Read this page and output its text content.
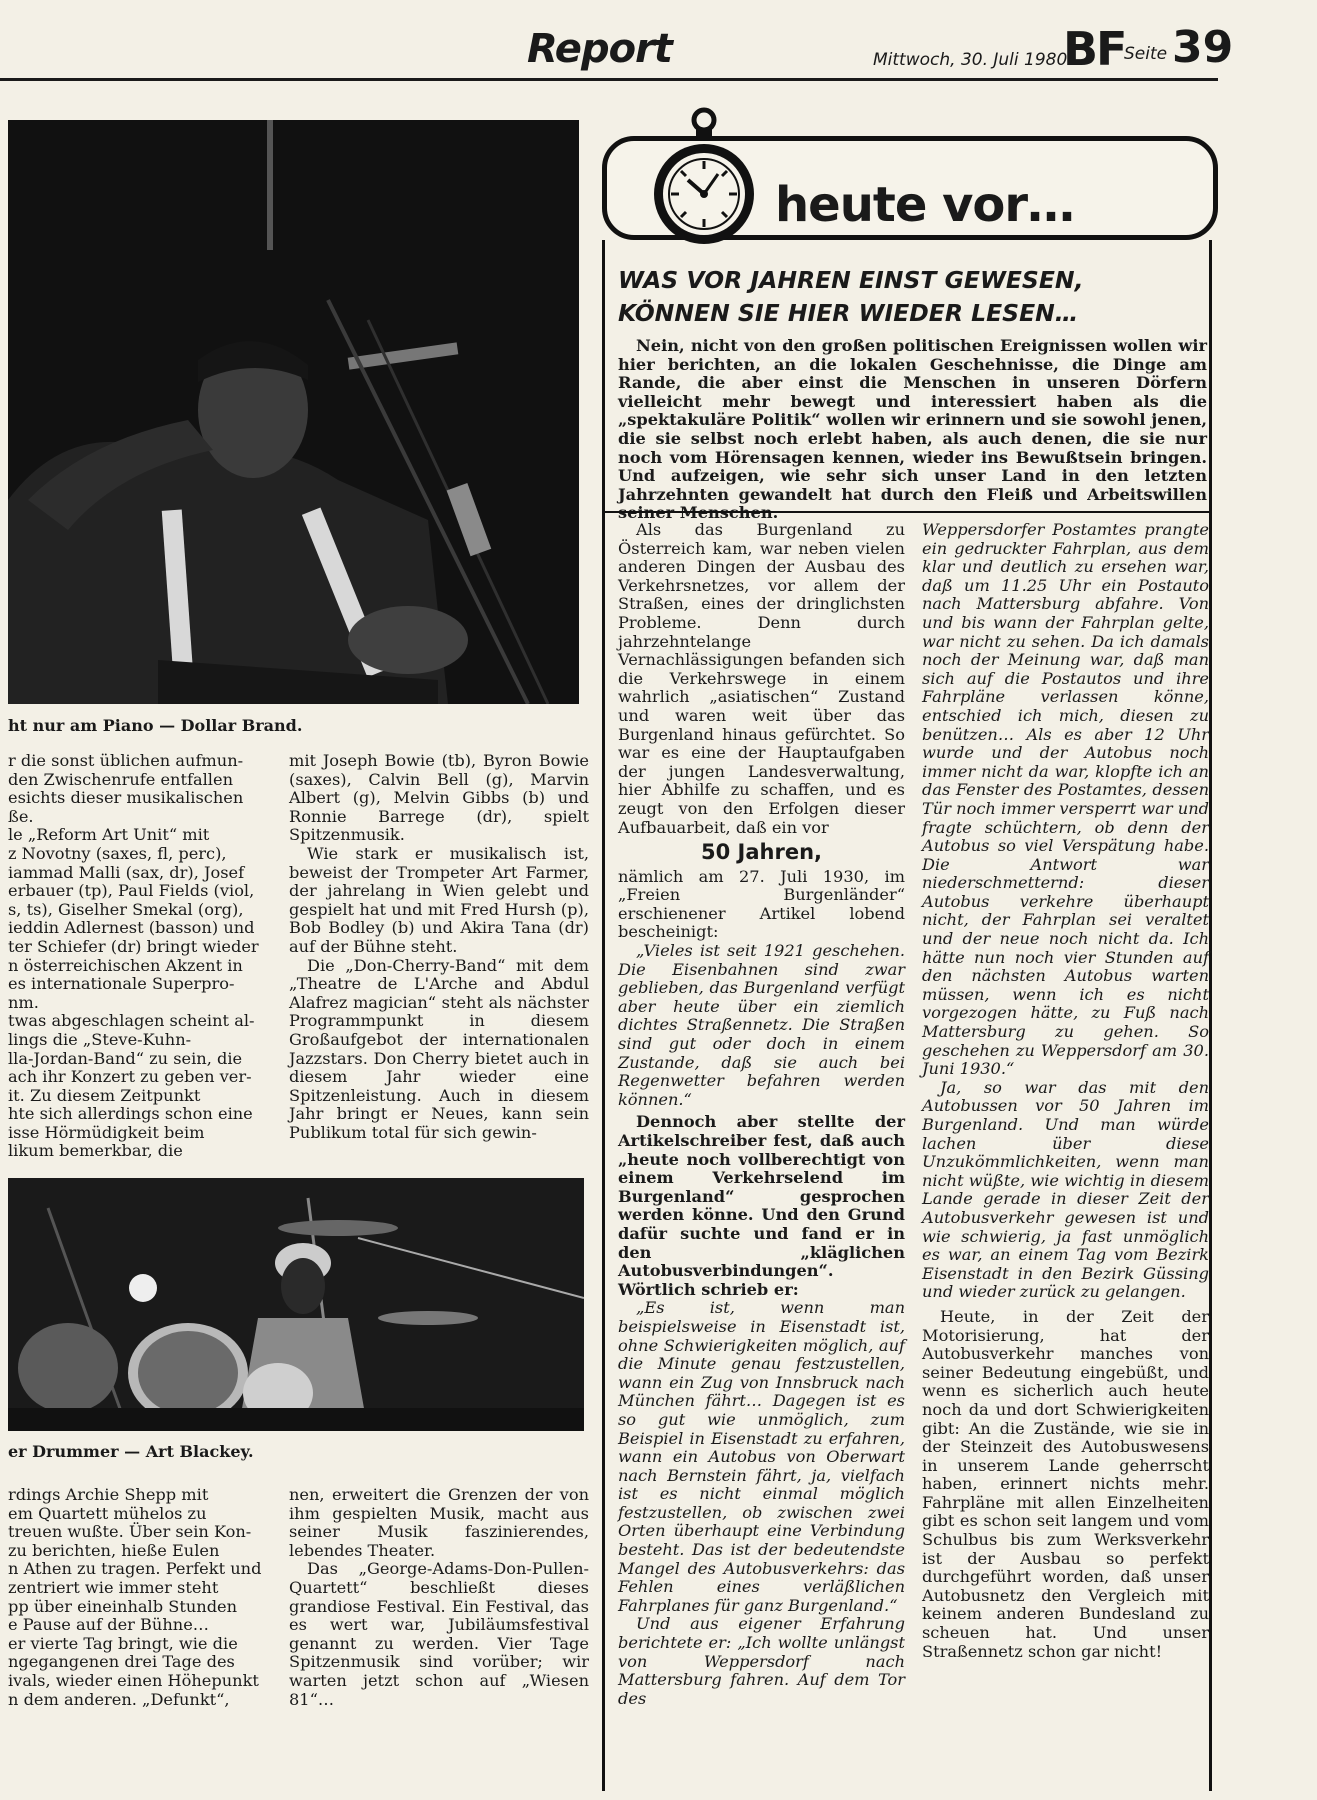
Report	Mittwoch, 30. Juli 1980
BF
Seite 39
ht nur am Piano — Dollar Brand.
r die sonst üblichen aufmun-
den Zwischenrufe entfallen
esichts dieser musikalischen
ße.
le „Reform Art Unit“ mit
z Novotny (saxes, fl, perc),
iammad Malli (sax, dr), Josef
erbauer (tp), Paul Fields (viol,
s, ts), Giselher Smekal (org),
ieddin Adlernest (basson) und
ter Schiefer (dr) bringt wieder
n österreichischen Akzent in
es internationale Superpro-
nm.
twas abgeschlagen scheint al-
lings die „Steve-Kuhn-
lla-Jordan-Band“ zu sein, die
ach ihr Konzert zu geben ver-
it. Zu diesem Zeitpunkt
hte sich allerdings schon eine
isse Hörmüdigkeit beim
likum bemerkbar, die

mit Joseph Bowie (tb), Byron Bowie (saxes), Calvin Bell (g), Marvin Albert (g), Melvin Gibbs (b) und Ronnie Barrege (dr), spielt Spitzenmusik.

Wie stark er musikalisch ist, beweist der Trompeter Art Farmer, der jahrelang in Wien gelebt und gespielt hat und mit Fred Hursh (p), Bob Bodley (b) und Akira Tana (dr) auf der Bühne steht.

Die „Don-Cherry-Band“ mit dem „Theatre de L'Arche and Abdul Alafrez magician“ steht als nächster Programmpunkt in diesem Großaufgebot der internationalen Jazzstars. Don Cherry bietet auch in diesem Jahr wieder eine Spitzenleistung. Auch in diesem Jahr bringt er Neues, kann sein Publikum total für sich gewin-

er Drummer — Art Blackey.
rdings Archie Shepp mit
em Quartett mühelos zu
treuen wußte. Über sein Kon-
zu berichten, hieße Eulen
n Athen zu tragen. Perfekt und
zentriert wie immer steht
pp über eineinhalb Stunden
e Pause auf der Bühne…
er vierte Tag bringt, wie die
ngegangenen drei Tage des
ivals, wieder einen Höhepunkt
n dem anderen. „Defunkt“,

nen, erweitert die Grenzen der von ihm gespielten Musik, macht aus seiner Musik faszinierendes, lebendes Theater.

Das „George-Adams-Don-Pullen-Quartett“ beschließt dieses grandiose Festival. Ein Festival, das es wert war, Jubiläumsfestival genannt zu werden. Vier Tage Spitzenmusik sind vorüber; wir warten jetzt schon auf „Wiesen 81“…

heute vor…
WAS VOR JAHREN EINST GEWESEN,
KÖNNEN SIE HIER WIEDER LESEN…

Nein, nicht von den großen politischen Ereignissen wollen wir hier berichten, an die lokalen Geschehnisse, die Dinge am Rande, die aber einst die Menschen in unseren Dörfern vielleicht mehr bewegt und interessiert haben als die „spektakuläre Politik“ wollen wir erinnern und sie sowohl jenen, die sie selbst noch erlebt haben, als auch denen, die sie nur noch vom Hörensagen kennen, wieder ins Bewußtsein bringen. Und aufzeigen, wie sehr sich unser Land in den letzten Jahrzehnten gewandelt hat durch den Fleiß und Arbeitswillen

Als das Burgenland zu Österreich kam, war neben vielen anderen Dingen der Ausbau des Verkehrsnetzes, vor allem der Straßen, eines der dringlichsten Probleme. Denn durch jahrzehntelange Vernachlässigungen befanden sich die Verkehrswege in einem wahrlich „asiatischen“ Zustand und waren weit über das Burgenland hinaus gefürchtet. So war es eine der Hauptaufgaben der jungen Landesverwaltung, hier Abhilfe zu schaffen, und es zeugt von den Erfolgen dieser Aufbauarbeit, daß ein vor

50 Jahren,

nämlich am 27. Juli 1930, im „Freien Burgenländer“ erschienener Artikel lobend bescheinigt:

„Vieles ist seit 1921 geschehen. Die Eisenbahnen sind zwar geblieben, das Burgenland verfügt aber heute über ein ziemlich dichtes Straßennetz. Die Straßen sind gut oder doch in einem Zustande, daß sie auch bei Regenwetter befahren werden können.“

Dennoch aber stellte der Artikelschreiber fest, daß auch „heute noch vollberechtigt von einem Verkehrselend im Burgenland“ gesprochen werden könne. Und den Grund dafür suchte und fand er in den „kläglichen Autobusverbindungen“. Wörtlich schrieb er:

„Es ist, wenn man beispielsweise in Eisenstadt ist, ohne Schwierigkeiten möglich, auf die Minute genau festzustellen, wann ein Zug von Innsbruck nach München fährt… Dagegen ist es so gut wie unmöglich, zum Beispiel in Eisenstadt zu erfahren, wann ein Autobus von Oberwart nach Bernstein fährt, ja, vielfach ist es nicht einmal möglich festzustellen, ob zwischen zwei Orten überhaupt eine Verbindung besteht. Das ist der bedeutendste Mangel des Autobusverkehrs: das Fehlen eines verläßlichen Fahrplanes für ganz Burgenland.“

Und aus eigener Erfahrung berichtete er: „Ich wollte unlängst von Weppersdorf nach Mattersburg fahren. Auf dem Tor des

Weppersdorfer Postamtes prangte ein gedruckter Fahrplan, aus dem klar und deutlich zu ersehen war, daß um 11.25 Uhr ein Postauto nach Mattersburg abfahre. Von und bis wann der Fahrplan gelte, war nicht zu sehen. Da ich damals noch der Meinung war, daß man sich auf die Postautos und ihre Fahrpläne verlassen könne, entschied ich mich, diesen zu benützen… Als es aber 12 Uhr wurde und der Autobus noch immer nicht da war, klopfte ich an das Fenster des Postamtes, dessen Tür noch immer versperrt war und fragte schüchtern, ob denn der Autobus so viel Verspätung habe. Die Antwort war niederschmetternd: dieser Autobus verkehre überhaupt nicht, der Fahrplan sei veraltet und der neue noch nicht da. Ich hätte nun noch vier Stunden auf den nächsten Autobus warten müssen, wenn ich es nicht vorgezogen hätte, zu Fuß nach Mattersburg zu gehen. So geschehen zu Weppersdorf am 30. Juni 1930.“

Ja, so war das mit den Autobussen vor 50 Jahren im Burgenland. Und man würde lachen über diese Unzukömmlichkeiten, wenn man nicht wüßte, wie wichtig in diesem Lande gerade in dieser Zeit der Autobusverkehr gewesen ist und wie schwierig, ja fast unmöglich es war, an einem Tag vom Bezirk Eisenstadt in den Bezirk Güssing und wieder zurück zu gelangen.

Heute, in der Zeit der Motorisierung, hat der Autobusverkehr manches von seiner Bedeutung eingebüßt, und wenn es sicherlich auch heute noch da und dort Schwierigkeiten gibt: An die Zustände, wie sie in der Steinzeit des Autobuswesens in unserem Lande geherrscht haben, erinnert nichts mehr. Fahrpläne mit allen Einzelheiten gibt es schon seit langem und vom Schulbus bis zum Werksverkehr ist der Ausbau so perfekt durchgeführt worden, daß unser Autobusnetz den Vergleich mit keinem anderen Bundesland zu scheuen hat. Und unser Straßennetz schon gar nicht!
